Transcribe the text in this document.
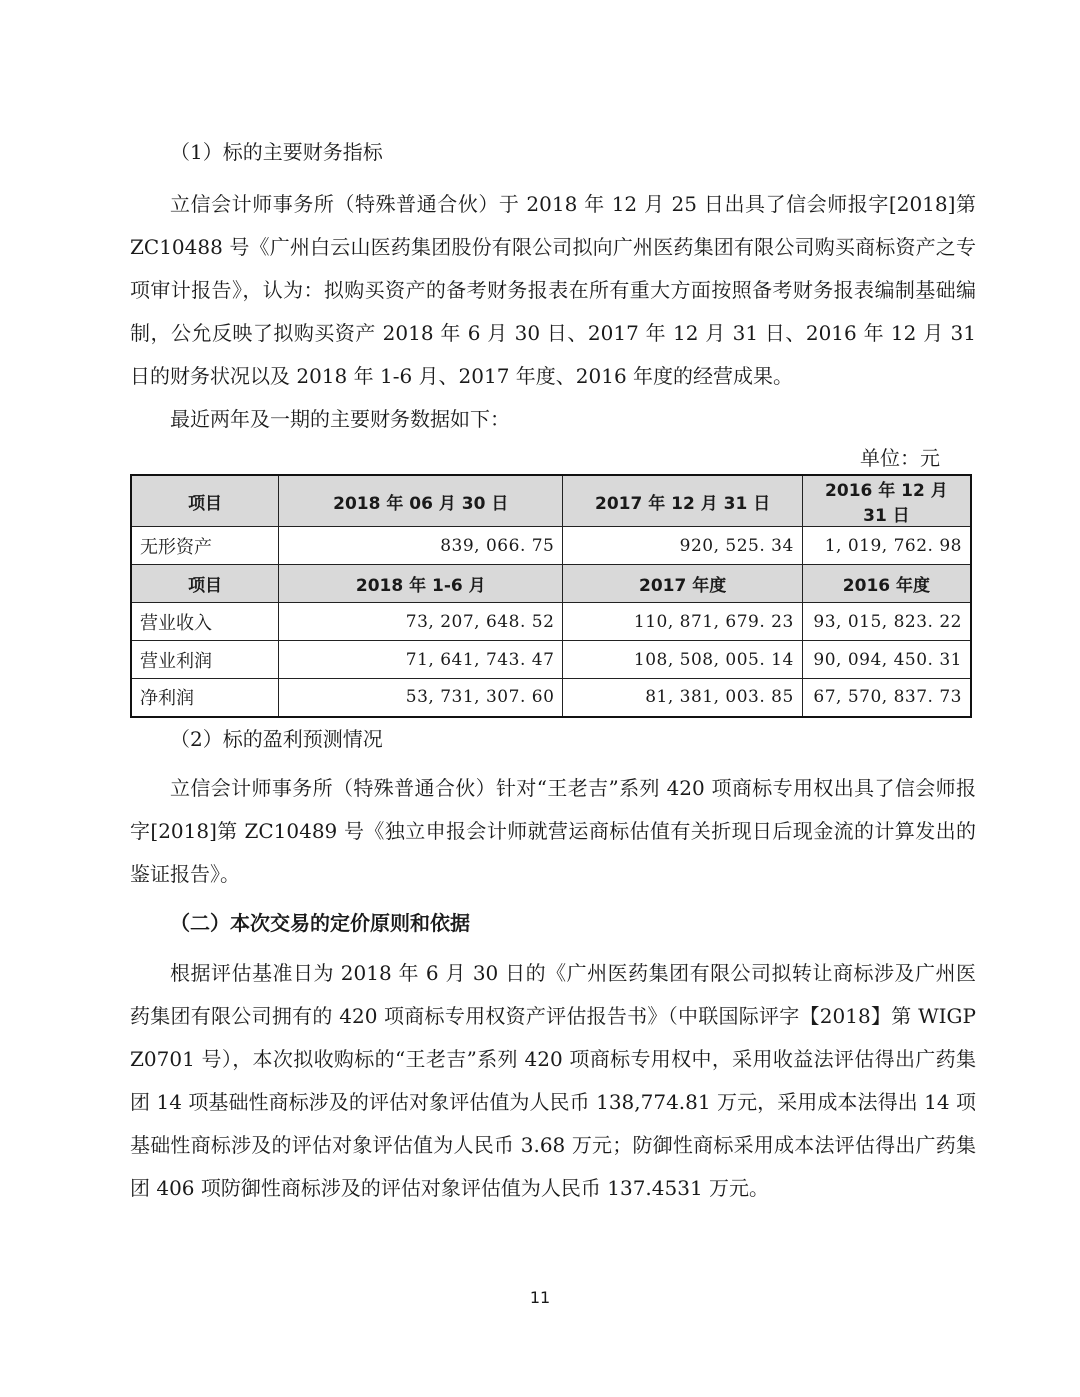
（1）标的主要财务指标

立信会计师事务所（特殊普通合伙）于 2018 年 12 月 25 日出具了信会师报字[2018]第 ZC10488 号《广州白云山医药集团股份有限公司拟向广州医药集团有限公司购买商标资产之专项审计报告》，认为：拟购买资产的备考财务报表在所有重大方面按照备考财务报表编制基础编制，公允反映了拟购买资产 2018 年 6 月 30 日、2017 年 12 月 31 日、2016 年 12 月 31 日的财务状况以及 2018 年 1-6 月、2017 年度、2016 年度的经营成果。

最近两年及一期的主要财务数据如下：

单位：元
项目	2018 年 06 月 30 日	2017 年 12 月 31 日	2016 年 12 月 31 日
无形资产	839, 066. 75	920, 525. 34	1, 019, 762. 98
项目	2018 年 1-6 月	2017 年度	2016 年度
营业收入	73, 207, 648. 52	110, 871, 679. 23	93, 015, 823. 22
营业利润	71, 641, 743. 47	108, 508, 005. 14	90, 094, 450. 31
净利润	53, 731, 307. 60	81, 381, 003. 85	67, 570, 837. 73

（2）标的盈利预测情况

立信会计师事务所（特殊普通合伙）针对“王老吉”系列 420 项商标专用权出具了信会师报字[2018]第 ZC10489 号《独立申报会计师就营运商标估值有关折现日后现金流的计算发出的鉴证报告》。

（二）本次交易的定价原则和依据

根据评估基准日为 2018 年 6 月 30 日的《广州医药集团有限公司拟转让商标涉及广州医药集团有限公司拥有的 420 项商标专用权资产评估报告书》（中联国际评字【2018】第 WIGPZ0701 号），本次拟收购标的“王老吉”系列 420 项商标专用权中，采用收益法评估得出广药集团 14 项基础性商标涉及的评估对象评估值为人民币 138,774.81 万元，采用成本法得出 14 项基础性商标涉及的评估对象评估值为人民币 3.68 万元；防御性商标采用成本法评估得出广药集团 406 项防御性商标涉及的评估对象评估值为人民币 137.4531 万元。

11
